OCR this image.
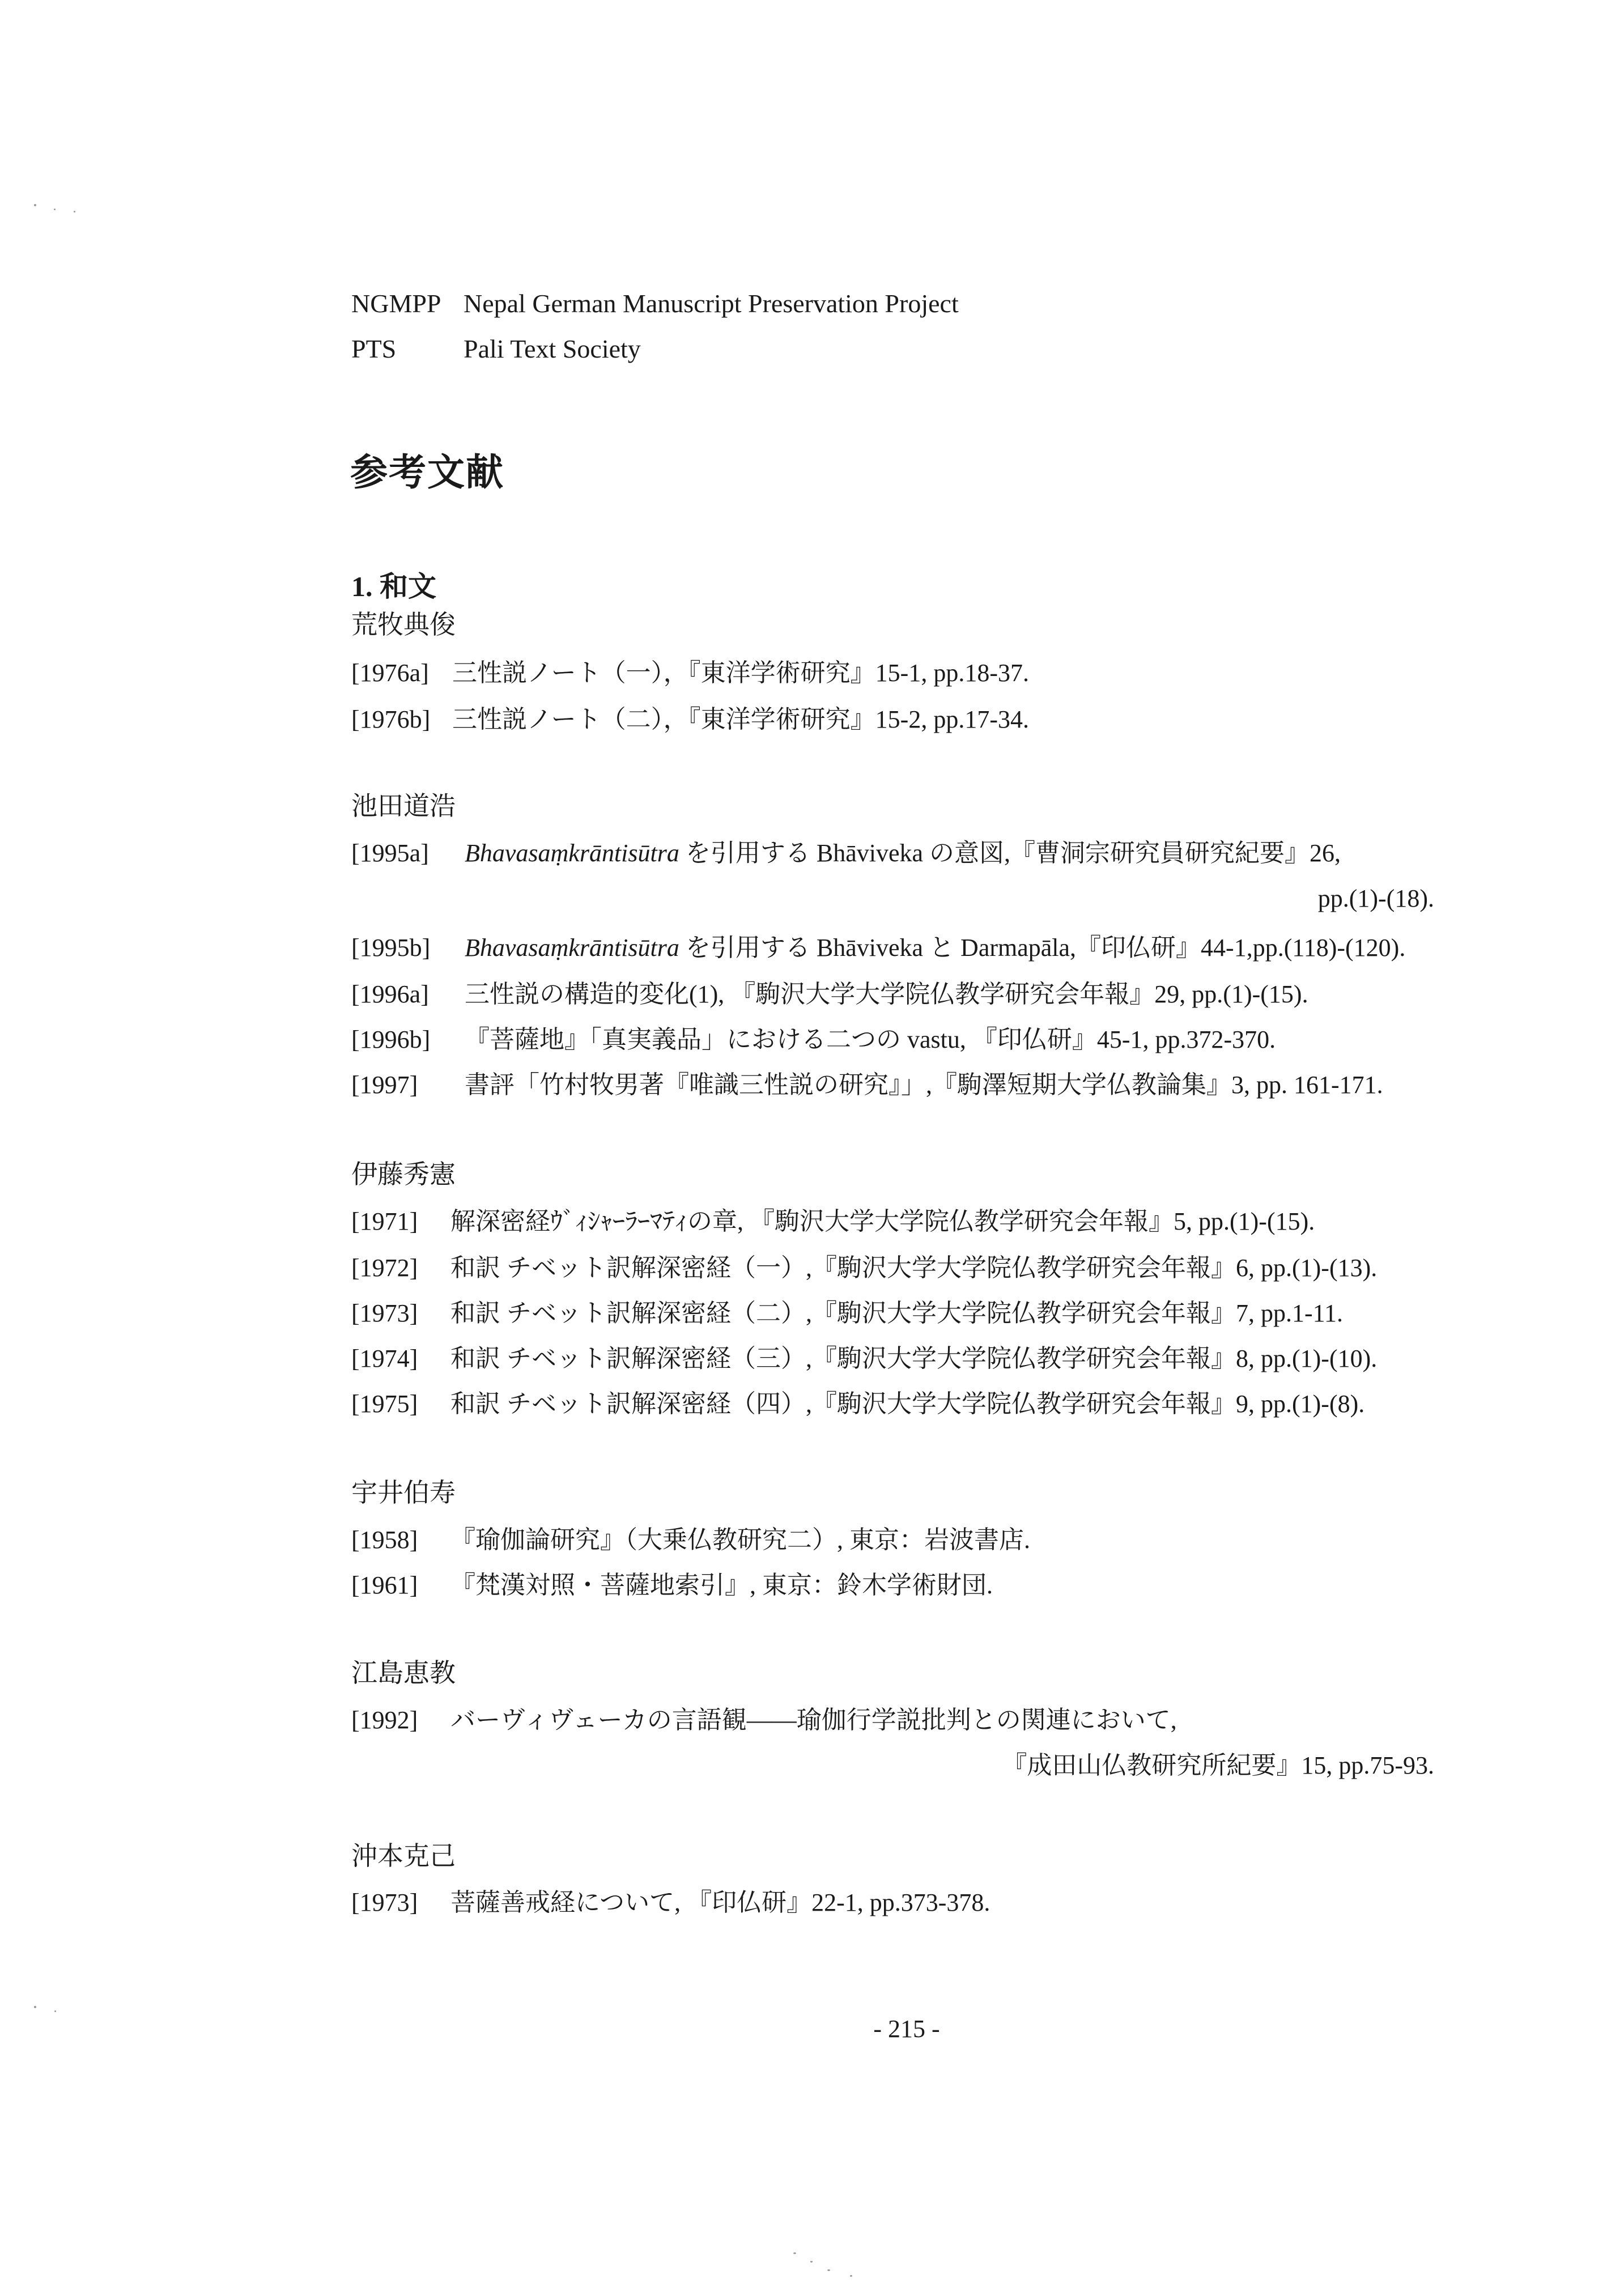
NGMPP Nepal German Manuscript Preservation Project
PTS	Pali Text Society
参考文献
1. 和文
荒牧典俊
[1976a] 三性説ノート（一），『東洋学術研究』15-1, pp.18-37.
[1976b] 三性説ノート（二），『東洋学術研究』15-2, pp.17-34.
池田道浩
[1995a] Bhavasaṃkrāntisūtra を引用する Bhāviveka の意図,『曹洞宗研究員研究紀要』26,
pp.(1)-(18).
[1995b] Bhavasaṃkrāntisūtra を引用する Bhāviveka と Darmapāla,『印仏研』44-1,pp.(118)-(120).
[1996a] 三性説の構造的変化(1), 『駒沢大学大学院仏教学研究会年報』29, pp.(1)-(15).
[1996b] 『菩薩地』「真実義品」における二つの vastu, 『印仏研』45-1, pp.372-370.
[1997] 書評「竹村牧男著『唯識三性説の研究』」,『駒澤短期大学仏教論集』3, pp. 161-171.
伊藤秀憲
[1971] 解深密経ｳﾞｨｼｬｰﾗｰﾏﾃｨの章, 『駒沢大学大学院仏教学研究会年報』5, pp.(1)-(15).
[1972] 和訳 チベット訳解深密経（一）,『駒沢大学大学院仏教学研究会年報』6, pp.(1)-(13).
[1973] 和訳 チベット訳解深密経（二）,『駒沢大学大学院仏教学研究会年報』7, pp.1-11.
[1974] 和訳 チベット訳解深密経（三）,『駒沢大学大学院仏教学研究会年報』8, pp.(1)-(10).
[1975] 和訳 チベット訳解深密経（四）,『駒沢大学大学院仏教学研究会年報』9, pp.(1)-(8).
宇井伯寿
[1958] 『瑜伽論研究』（大乗仏教研究二）, 東京：岩波書店.
[1961] 『梵漢対照・菩薩地索引』, 東京：鈴木学術財団.
江島恵教
[1992] バーヴィヴェーカの言語観——瑜伽行学説批判との関連において,
『成田山仏教研究所紀要』15, pp.75-93.
沖本克己
[1973] 菩薩善戒経について, 『印仏研』22-1, pp.373-378.
- 215 -
